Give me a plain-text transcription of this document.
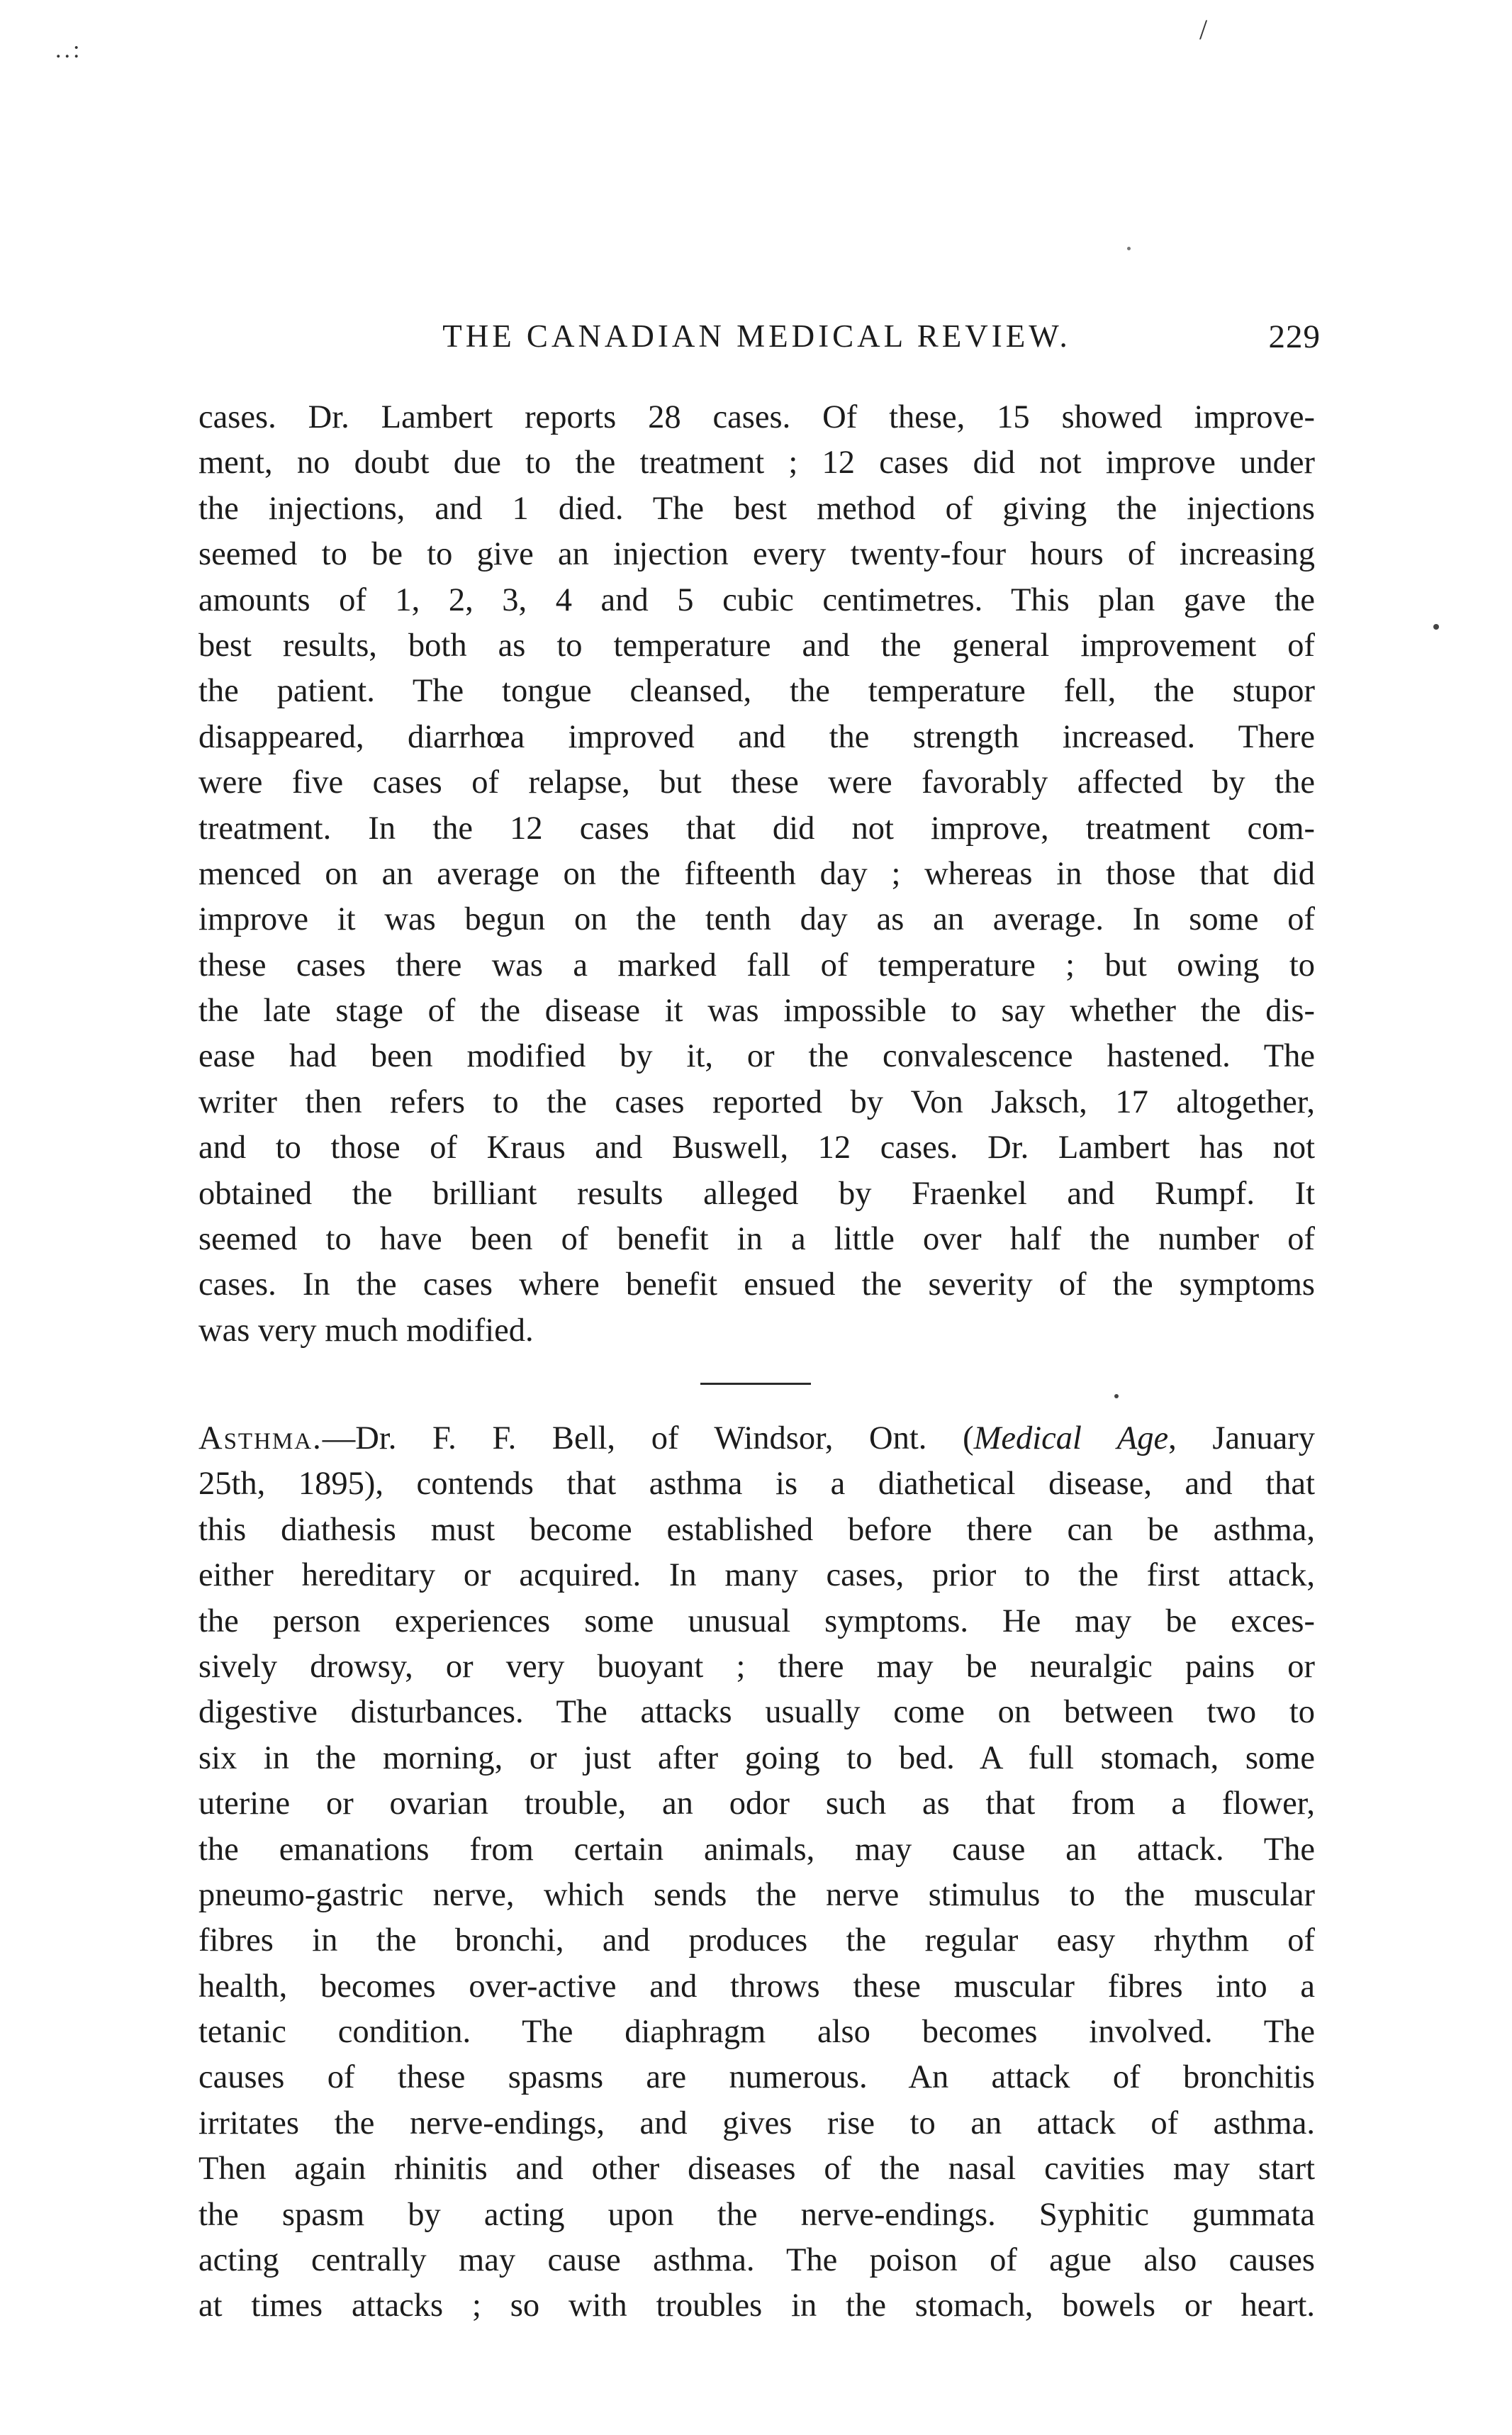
..:
/
THE CANADIAN MEDICAL REVIEW.	229
cases. Dr. Lambert reports 28 cases. Of these, 15 showed improve-
ment, no doubt due to the treatment ; 12 cases did not improve under
the injections, and 1 died. The best method of giving the injections
seemed to be to give an injection every twenty-four hours of increasing
amounts of 1, 2, 3, 4 and 5 cubic centimetres. This plan gave the
best results, both as to temperature and the general improvement of
the patient. The tongue cleansed, the temperature fell, the stupor
disappeared, diarrhœa improved and the strength increased. There
were five cases of relapse, but these were favorably affected by the
treatment. In the 12 cases that did not improve, treatment com-
menced on an average on the fifteenth day ; whereas in those that did
improve it was begun on the tenth day as an average. In some of
these cases there was a marked fall of temperature ; but owing to
the late stage of the disease it was impossible to say whether the dis-
ease had been modified by it, or the convalescence hastened. The
writer then refers to the cases reported by Von Jaksch, 17 altogether,
and to those of Kraus and Buswell, 12 cases. Dr. Lambert has not
obtained the brilliant results alleged by Fraenkel and Rumpf. It
seemed to have been of benefit in a little over half the number of
cases. In the cases where benefit ensued the severity of the symptoms
was very much modified.
Asthma.—Dr. F. F. Bell, of Windsor, Ont. (Medical Age, January
25th, 1895), contends that asthma is a diathetical disease, and that
this diathesis must become established before there can be asthma,
either hereditary or acquired. In many cases, prior to the first attack,
the person experiences some unusual symptoms. He may be exces-
sively drowsy, or very buoyant ; there may be neuralgic pains or
digestive disturbances. The attacks usually come on between two to
six in the morning, or just after going to bed. A full stomach, some
uterine or ovarian trouble, an odor such as that from a flower,
the emanations from certain animals, may cause an attack. The
pneumo-gastric nerve, which sends the nerve stimulus to the muscular
fibres in the bronchi, and produces the regular easy rhythm of
health, becomes over-active and throws these muscular fibres into a
tetanic condition. The diaphragm also becomes involved. The
causes of these spasms are numerous. An attack of bronchitis
irritates the nerve-endings, and gives rise to an attack of asthma.
Then again rhinitis and other diseases of the nasal cavities may start
the spasm by acting upon the nerve-endings. Syphitic gummata
acting centrally may cause asthma. The poison of ague also causes
at times attacks ; so with troubles in the stomach, bowels or heart.
